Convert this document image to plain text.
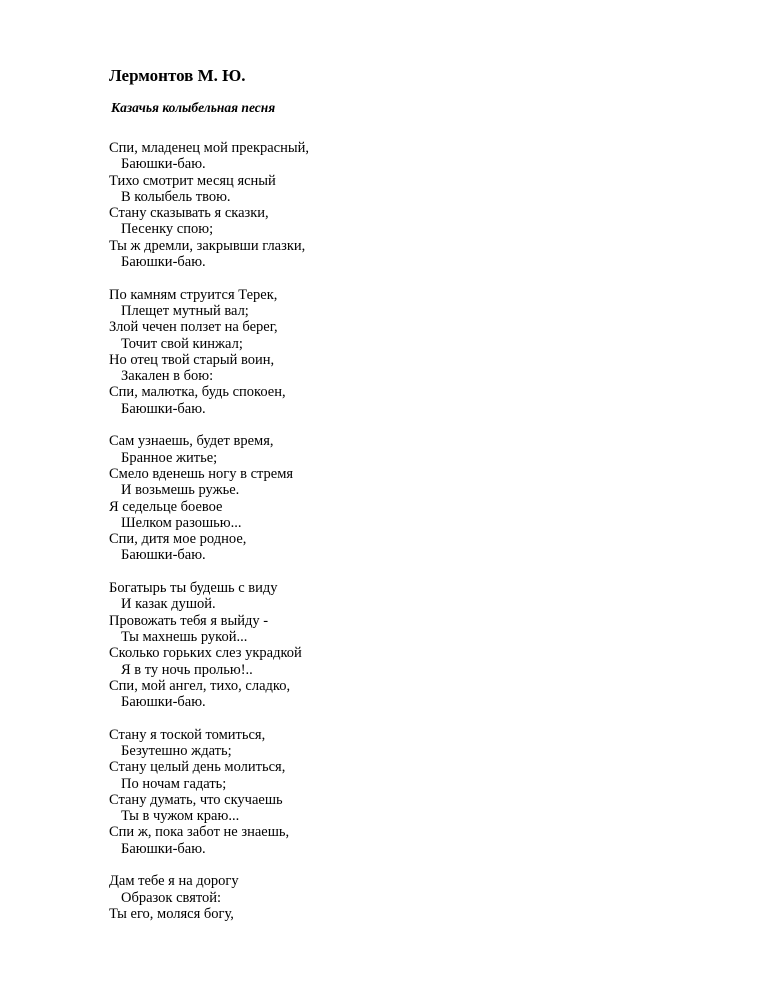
Лермонтов М. Ю.
Казачья колыбельная песня
Спи, младенец мой прекрасный,
Баюшки-баю.
Тихо смотрит месяц ясный
В колыбель твою.
Стану сказывать я сказки,
Песенку спою;
Ты ж дремли, закрывши глазки,
Баюшки-баю.
По камням струится Терек,
Плещет мутный вал;
Злой чечен ползет на берег,
Точит свой кинжал;
Но отец твой старый воин,
Закален в бою:
Спи, малютка, будь спокоен,
Баюшки-баю.
Сам узнаешь, будет время,
Бранное житье;
Смело вденешь ногу в стремя
И возьмешь ружье.
Я седельце боевое
Шелком разошью...
Спи, дитя мое родное,
Баюшки-баю.
Богатырь ты будешь с виду
И казак душой.
Провожать тебя я выйду -
Ты махнешь рукой...
Сколько горьких слез украдкой
Я в ту ночь пролью!..
Спи, мой ангел, тихо, сладко,
Баюшки-баю.
Стану я тоской томиться,
Безутешно ждать;
Стану целый день молиться,
По ночам гадать;
Стану думать, что скучаешь
Ты в чужом краю...
Спи ж, пока забот не знаешь,
Баюшки-баю.
Дам тебе я на дорогу
Образок святой:
Ты его, моляся богу,
